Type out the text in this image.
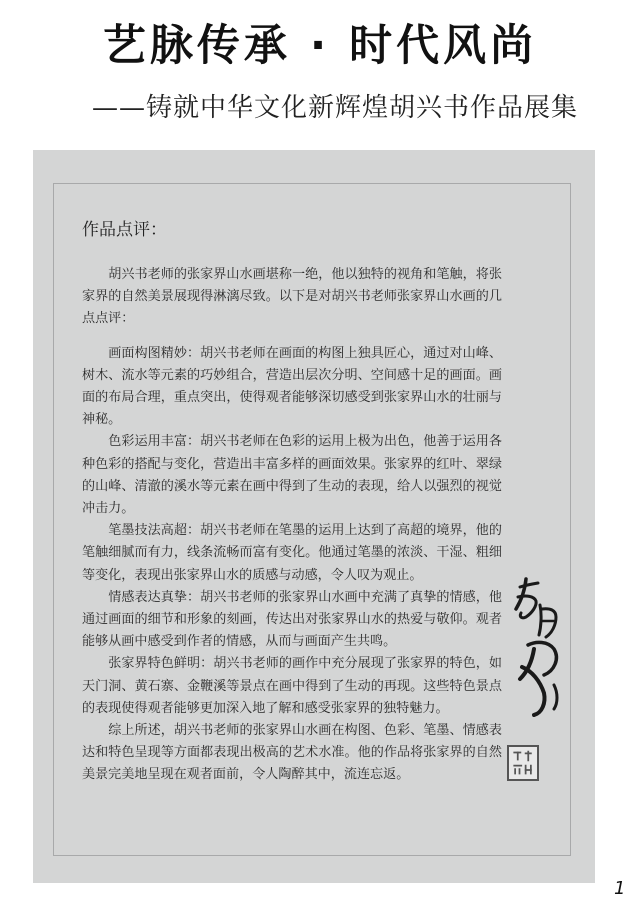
艺脉传承 · 时代风尚
——铸就中华文化新辉煌胡兴书作品展集
作品点评：

胡兴书老师的张家界山水画堪称一绝，他以独特的视角和笔触，将张家界的自然美景展现得淋漓尽致。以下是对胡兴书老师张家界山水画的几点点评：

画面构图精妙：胡兴书老师在画面的构图上独具匠心，通过对山峰、树木、流水等元素的巧妙组合，营造出层次分明、空间感十足的画面。画面的布局合理，重点突出，使得观者能够深切感受到张家界山水的壮丽与神秘。

色彩运用丰富：胡兴书老师在色彩的运用上极为出色，他善于运用各种色彩的搭配与变化，营造出丰富多样的画面效果。张家界的红叶、翠绿的山峰、清澈的溪水等元素在画中得到了生动的表现，给人以强烈的视觉冲击力。

笔墨技法高超：胡兴书老师在笔墨的运用上达到了高超的境界，他的笔触细腻而有力，线条流畅而富有变化。他通过笔墨的浓淡、干湿、粗细等变化，表现出张家界山水的质感与动感，令人叹为观止。

情感表达真挚：胡兴书老师的张家界山水画中充满了真挚的情感，他通过画面的细节和形象的刻画，传达出对张家界山水的热爱与敬仰。观者能够从画中感受到作者的情感，从而与画面产生共鸣。

张家界特色鲜明：胡兴书老师的画作中充分展现了张家界的特色，如天门洞、黄石寨、金鞭溪等景点在画中得到了生动的再现。这些特色景点的表现使得观者能够更加深入地了解和感受张家界的独特魅力。

综上所述，胡兴书老师的张家界山水画在构图、色彩、笔墨、情感表达和特色呈现等方面都表现出极高的艺术水准。他的作品将张家界的自然美景完美地呈现在观者面前，令人陶醉其中，流连忘返。

1
